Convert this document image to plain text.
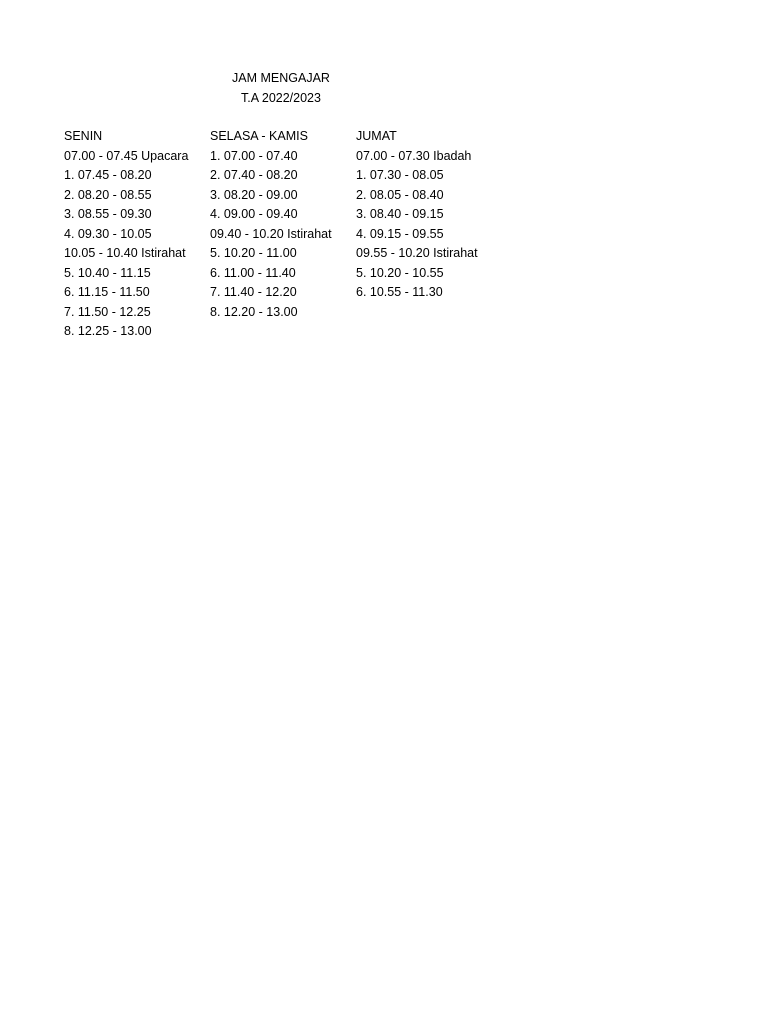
JAM MENGAJAR
T.A 2022/2023
SENIN
07.00 - 07.45 Upacara
1. 07.45 - 08.20
2. 08.20 - 08.55
3. 08.55 - 09.30
4. 09.30 - 10.05
10.05 - 10.40 Istirahat
5. 10.40 - 11.15
6. 11.15 - 11.50
7. 11.50 - 12.25
8. 12.25 - 13.00
SELASA - KAMIS
1. 07.00 - 07.40
2. 07.40 - 08.20
3. 08.20 - 09.00
4. 09.00 - 09.40
09.40 - 10.20 Istirahat
5. 10.20 - 11.00
6. 11.00 - 11.40
7. 11.40 - 12.20
8. 12.20 - 13.00
JUMAT
07.00 - 07.30 Ibadah
1. 07.30 - 08.05
2. 08.05 - 08.40
3. 08.40 - 09.15
4. 09.15 - 09.55
09.55 - 10.20 Istirahat
5. 10.20 - 10.55
6. 10.55 - 11.30
